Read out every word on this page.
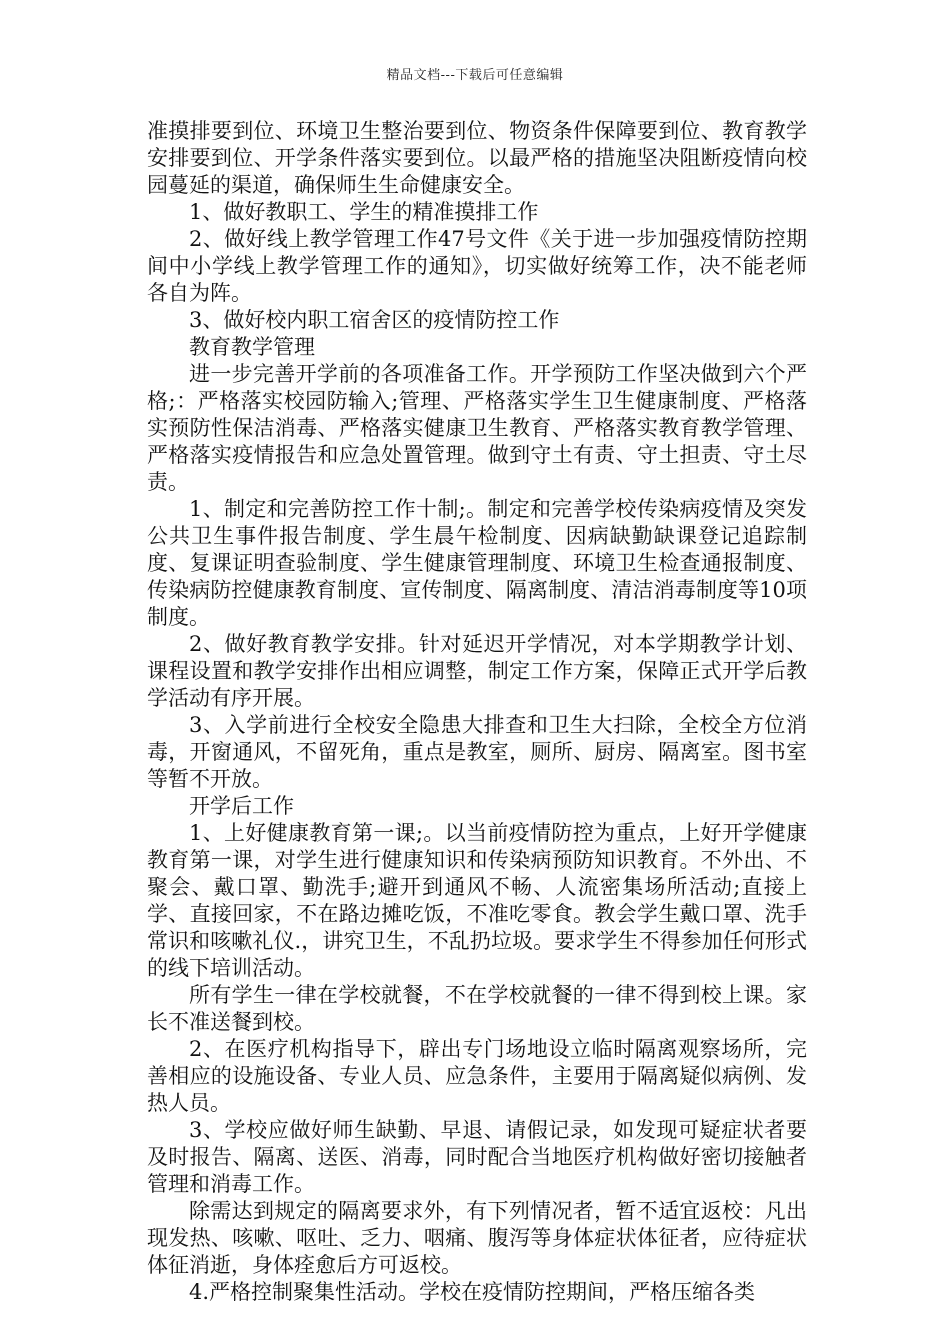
精品文档---下载后可任意编辑

准摸排要到位、环境卫生整治要到位、物资条件保障要到位、教育教学安排要到位、开学条件落实要到位。以最严格的措施坚决阻断疫情向校园蔓延的渠道，确保师生生命健康安全。

1、做好教职工、学生的精准摸排工作

2、做好线上教学管理工作47号文件《关于进一步加强疫情防控期间中小学线上教学管理工作的通知》，切实做好统筹工作，决不能老师各自为阵。

3、做好校内职工宿舍区的疫情防控工作

教育教学管理

进一步完善开学前的各项准备工作。开学预防工作坚决做到六个严格;：严格落实校园防输入;管理、严格落实学生卫生健康制度、严格落实预防性保洁消毒、严格落实健康卫生教育、严格落实教育教学管理、严格落实疫情报告和应急处置管理。做到守土有责、守土担责、守土尽责。

1、制定和完善防控工作十制;。制定和完善学校传染病疫情及突发公共卫生事件报告制度、学生晨午检制度、因病缺勤缺课登记追踪制度、复课证明查验制度、学生健康管理制度、环境卫生检查通报制度、传染病防控健康教育制度、宣传制度、隔离制度、清洁消毒制度等10项制度。

2、做好教育教学安排。针对延迟开学情况，对本学期教学计划、课程设置和教学安排作出相应调整，制定工作方案，保障正式开学后教学活动有序开展。

3、入学前进行全校安全隐患大排查和卫生大扫除，全校全方位消毒，开窗通风，不留死角，重点是教室，厕所、厨房、隔离室。图书室等暂不开放。

开学后工作

1、上好健康教育第一课;。以当前疫情防控为重点，上好开学健康教育第一课，对学生进行健康知识和传染病预防知识教育。不外出、不聚会、戴口罩、勤洗手;避开到通风不畅、人流密集场所活动;直接上学、直接回家，不在路边摊吃饭，不准吃零食。教会学生戴口罩、洗手常识和咳嗽礼仪.，讲究卫生，不乱扔垃圾。要求学生不得参加任何形式的线下培训活动。

所有学生一律在学校就餐，不在学校就餐的一律不得到校上课。家长不准送餐到校。

2、在医疗机构指导下，辟出专门场地设立临时隔离观察场所，完善相应的设施设备、专业人员、应急条件，主要用于隔离疑似病例、发热人员。

3、学校应做好师生缺勤、早退、请假记录，如发现可疑症状者要及时报告、隔离、送医、消毒，同时配合当地医疗机构做好密切接触者管理和消毒工作。

除需达到规定的隔离要求外，有下列情况者，暂不适宜返校：凡出现发热、咳嗽、呕吐、乏力、咽痛、腹泻等身体症状体征者，应待症状体征消逝，身体痊愈后方可返校。

4.严格控制聚集性活动。学校在疫情防控期间，严格压缩各类
